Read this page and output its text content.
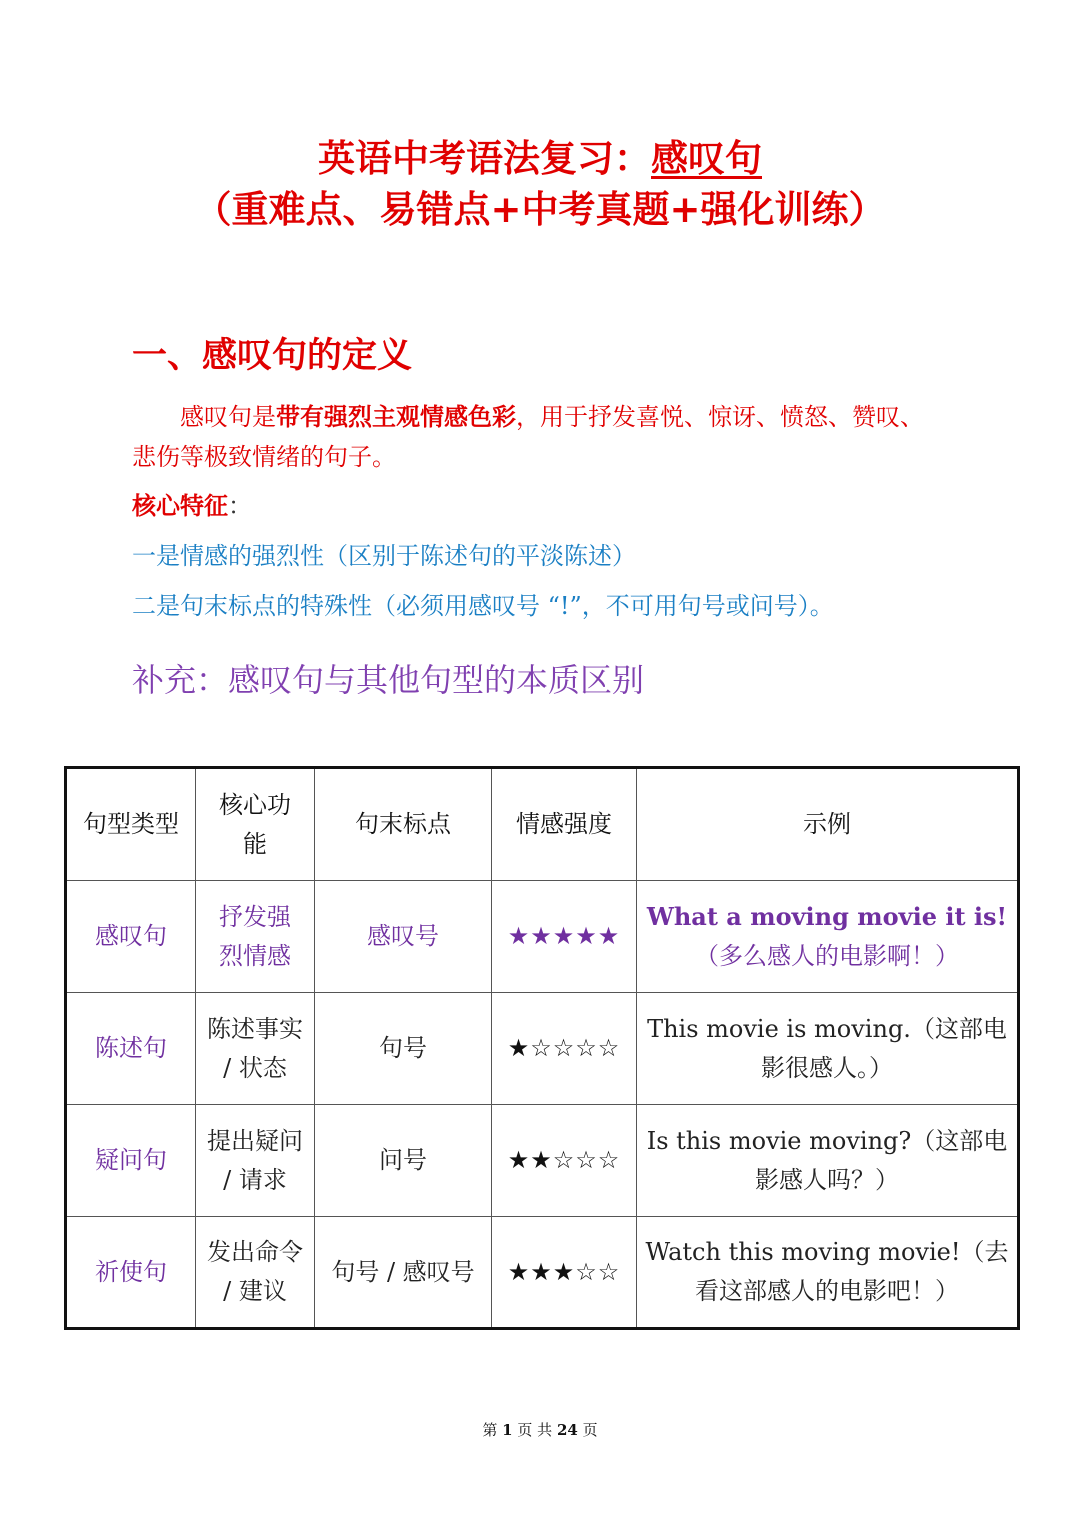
英语中考语法复习：感叹句
（重难点、易错点+中考真题+强化训练）
一、感叹句的定义
感叹句是带有强烈主观情感色彩，用于抒发喜悦、惊讶、愤怒、赞叹、悲伤等极致情绪的句子。
核心特征：
一是情感的强烈性（区别于陈述句的平淡陈述）
二是句末标点的特殊性（必须用感叹号 “!”，不可用句号或问号）。
补充：感叹句与其他句型的本质区别
句型类型	核心功能	句末标点	情感强度	示例
感叹句	抒发强烈情感	感叹号	★★★★★	What a moving movie it is!（多么感人的电影啊！）
陈述句	陈述事实 / 状态	句号	★☆☆☆☆	This movie is moving.（这部电影很感人。）
疑问句	提出疑问 / 请求	问号	★★☆☆☆	Is this movie moving?（这部电影感人吗？）
祈使句	发出命令 / 建议	句号 / 感叹号	★★★☆☆	Watch this moving movie!（去看这部感人的电影吧！）
第 1 页 共 24 页
